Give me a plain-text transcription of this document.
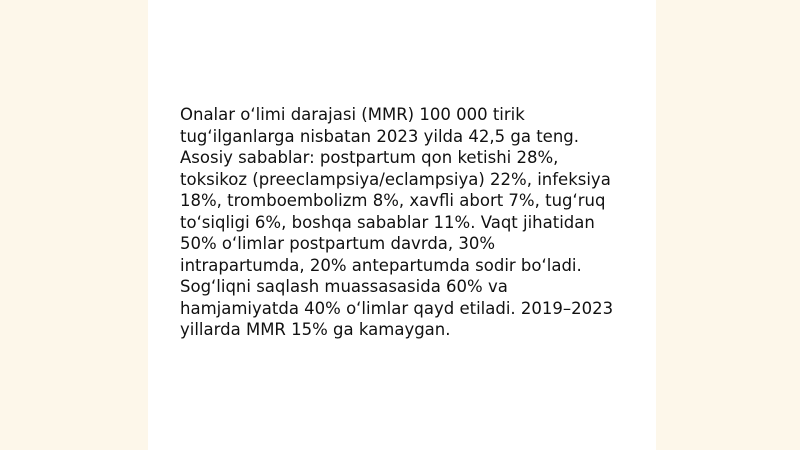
Onalar o‘limi darajasi (MMR) 100 000 tirik tug‘ilganlarga nisbatan 2023 yilda 42,5 ga teng. Asosiy sabablar: postpartum qon ketishi 28%, toksikoz (preeclampsiya/eclampsiya) 22%, infeksiya 18%, tromboembolizm 8%, xavfli abort 7%, tug‘ruq to‘siqligi 6%, boshqa sabablar 11%. Vaqt jihatidan 50% o‘limlar postpartum davrda, 30% intrapartumda, 20% antepartumda sodir bo‘ladi. Sog‘liqni saqlash muassasasida 60% va hamjamiyatda 40% o‘limlar qayd etiladi. 2019–2023 yillarda MMR 15% ga kamaygan.
